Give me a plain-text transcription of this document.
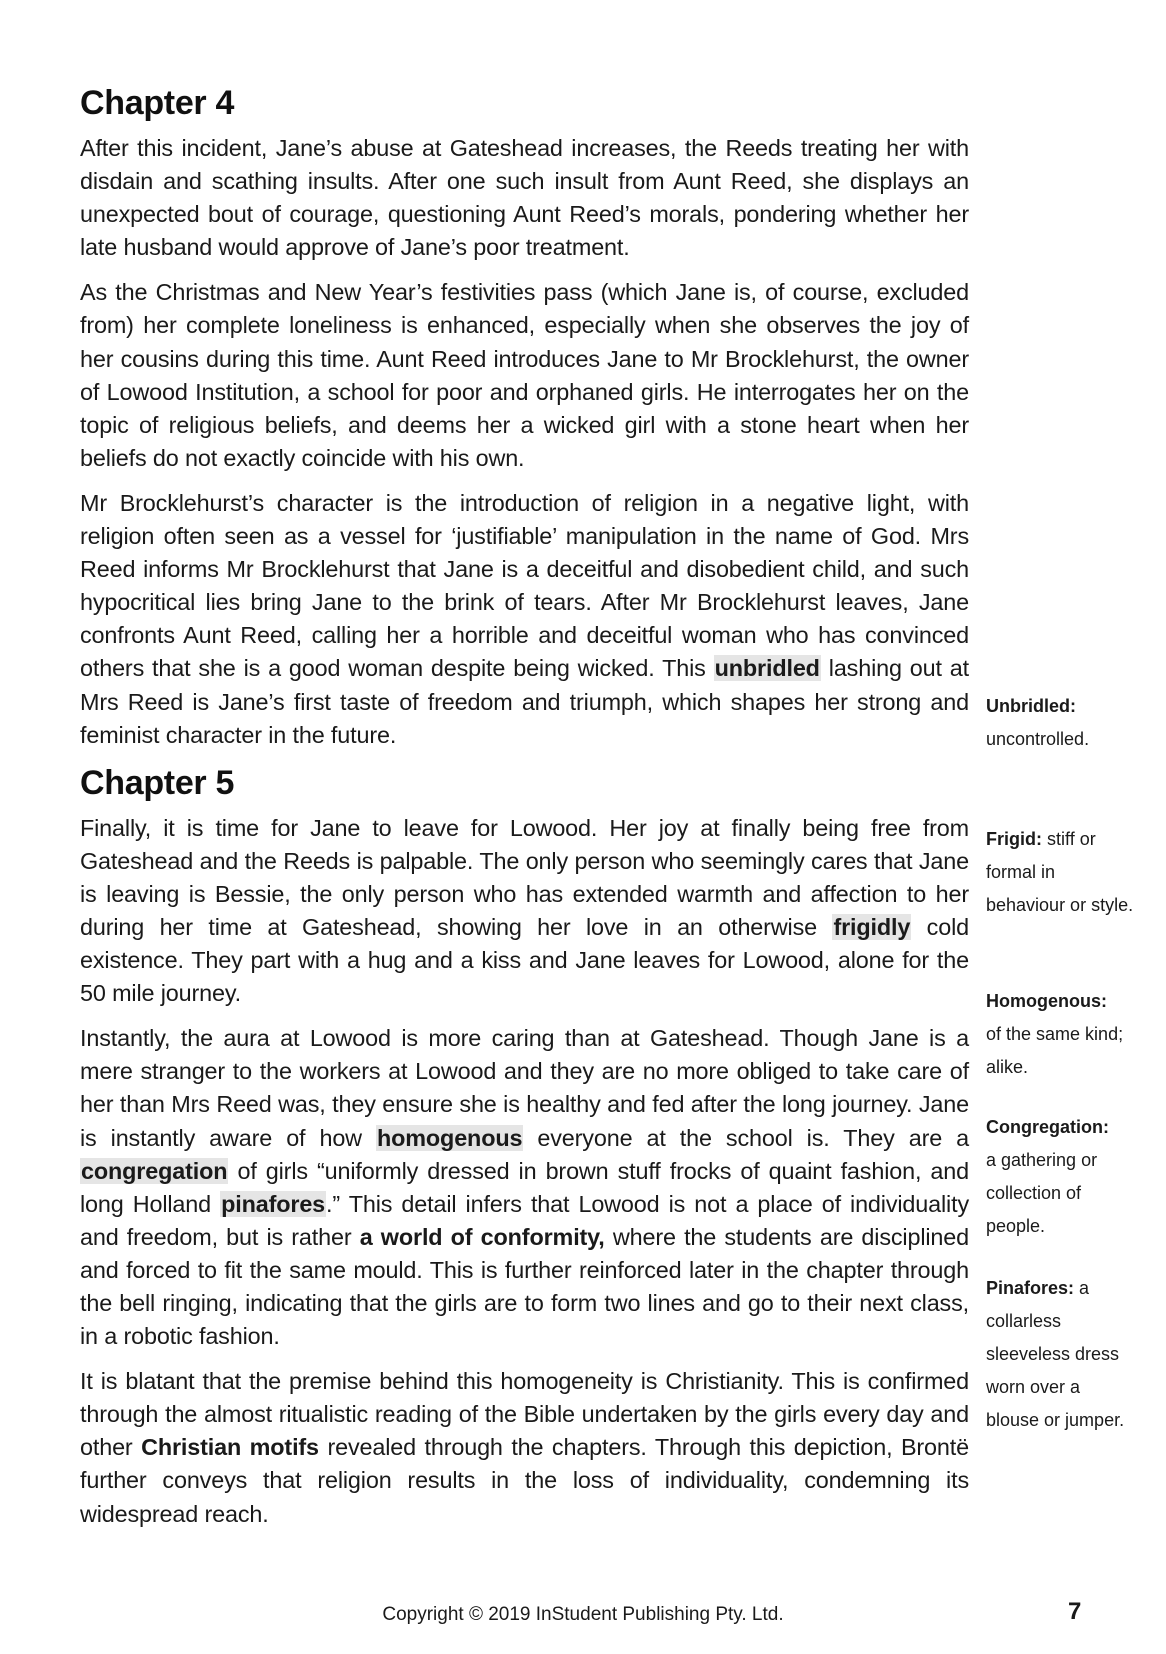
Chapter 4

After this incident, Jane’s abuse at Gateshead increases, the Reeds treating her with disdain and scathing insults. After one such insult from Aunt Reed, she displays an unexpected bout of courage, questioning Aunt Reed’s morals, pondering whether her late husband would approve of Jane’s poor treatment.

As the Christmas and New Year’s festivities pass (which Jane is, of course, excluded from) her complete loneliness is enhanced, especially when she observes the joy of her cousins during this time. Aunt Reed introduces Jane to Mr Brocklehurst, the owner of Lowood Institution, a school for poor and orphaned girls. He interrogates her on the topic of religious beliefs, and deems her a wicked girl with a stone heart when her beliefs do not exactly coincide with his own.

Mr Brocklehurst’s character is the introduction of religion in a negative light, with religion often seen as a vessel for ‘justifiable’ manipulation in the name of God. Mrs Reed informs Mr Brocklehurst that Jane is a deceitful and disobedient child, and such hypocritical lies bring Jane to the brink of tears. After Mr Brocklehurst leaves, Jane confronts Aunt Reed, calling her a horrible and deceitful woman who has convinced others that she is a good woman despite being wicked. This unbridled lashing out at Mrs Reed is Jane’s first taste of freedom and triumph, which shapes her strong and feminist character in the future.

Chapter 5

Finally, it is time for Jane to leave for Lowood. Her joy at finally being free from Gateshead and the Reeds is palpable. The only person who seemingly cares that Jane is leaving is Bessie, the only person who has extended warmth and affection to her during her time at Gateshead, showing her love in an otherwise frigidly cold existence. They part with a hug and a kiss and Jane leaves for Lowood, alone for the 50 mile journey.

Instantly, the aura at Lowood is more caring than at Gateshead. Though Jane is a mere stranger to the workers at Lowood and they are no more obliged to take care of her than Mrs Reed was, they ensure she is healthy and fed after the long journey. Jane is instantly aware of how homogenous everyone at the school is. They are a congregation of girls “uniformly dressed in brown stuff frocks of quaint fashion, and long Holland pinafores.” This detail infers that Lowood is not a place of individuality and freedom, but is rather a world of conformity, where the students are disciplined and forced to fit the same mould. This is further reinforced later in the chapter through the bell ringing, indicating that the girls are to form two lines and go to their next class, in a robotic fashion.

It is blatant that the premise behind this homogeneity is Christianity. This is confirmed through the almost ritualistic reading of the Bible undertaken by the girls every day and other Christian motifs revealed through the chapters. Through this depiction, Brontë further conveys that religion results in the loss of individuality, condemning its widespread reach.

Unbridled:
uncontrolled.
Frigid: stiff or formal in behaviour or style.
Homogenous:
of the same kind; alike.
Congregation:
a gathering or collection of people.
Pinafores: a collarless sleeveless dress worn over a blouse or jumper.
Copyright © 2019 InStudent Publishing Pty. Ltd.	7
